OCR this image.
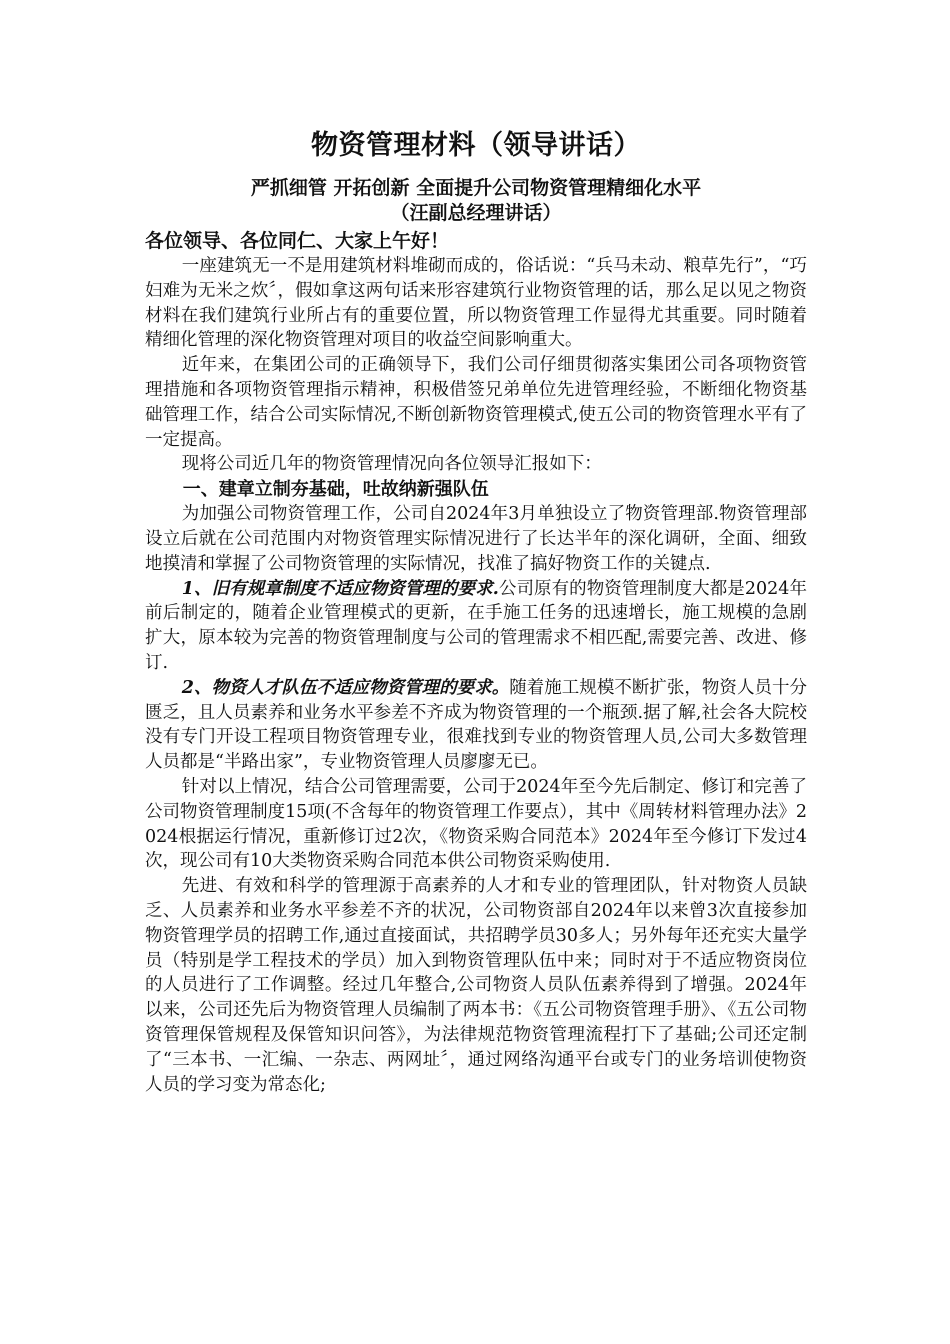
物资管理材料（领导讲话）
严抓细管 开拓创新 全面提升公司物资管理精细化水平
（汪副总经理讲话）
各位领导、各位同仁、大家上午好！

一座建筑无一不是用建筑材料堆砌而成的，俗话说：“兵马未动、粮草先行”，“巧妇难为无米之炊〞，假如拿这两句话来形容建筑行业物资管理的话，那么足以见之物资材料在我们建筑行业所占有的重要位置，所以物资管理工作显得尤其重要。同时随着精细化管理的深化物资管理对项目的收益空间影响重大。

近年来，在集团公司的正确领导下，我们公司仔细贯彻落实集团公司各项物资管理措施和各项物资管理指示精神，积极借签兄弟单位先进管理经验，不断细化物资基础管理工作，结合公司实际情况,不断创新物资管理模式,使五公司的物资管理水平有了一定提高。

现将公司近几年的物资管理情况向各位领导汇报如下：

一、建章立制夯基础，吐故纳新强队伍

为加强公司物资管理工作，公司自2024年3月单独设立了物资管理部.物资管理部设立后就在公司范围内对物资管理实际情况进行了长达半年的深化调研，全面、细致地摸清和掌握了公司物资管理的实际情况，找准了搞好物资工作的关键点.

1、旧有规章制度不适应物资管理的要求.公司原有的物资管理制度大都是2024年前后制定的，随着企业管理模式的更新，在手施工任务的迅速增长，施工规模的急剧扩大，原本较为完善的物资管理制度与公司的管理需求不相匹配,需要完善、改进、修订.

2、物资人才队伍不适应物资管理的要求。随着施工规模不断扩张，物资人员十分匮乏，且人员素养和业务水平参差不齐成为物资管理的一个瓶颈.据了解,社会各大院校没有专门开设工程项目物资管理专业，很难找到专业的物资管理人员,公司大多数管理人员都是“半路出家”，专业物资管理人员廖廖无已。

针对以上情况，结合公司管理需要，公司于2024年至今先后制定、修订和完善了公司物资管理制度15项(不含每年的物资管理工作要点），其中《周转材料管理办法》2024根据运行情况，重新修订过2次，《物资采购合同范本》2024年至今修订下发过4次，现公司有10大类物资采购合同范本供公司物资采购使用.

先进、有效和科学的管理源于高素养的人才和专业的管理团队，针对物资人员缺乏、人员素养和业务水平参差不齐的状况，公司物资部自2024年以来曾3次直接参加物资管理学员的招聘工作,通过直接面试，共招聘学员30多人；另外每年还充实大量学员（特别是学工程技术的学员）加入到物资管理队伍中来；同时对于不适应物资岗位的人员进行了工作调整。经过几年整合,公司物资人员队伍素养得到了增强。2024年以来，公司还先后为物资管理人员编制了两本书：《五公司物资管理手册》、《五公司物资管理保管规程及保管知识问答》，为法律规范物资管理流程打下了基础;公司还定制了“三本书、一汇编、一杂志、两网址〞，通过网络沟通平台或专门的业务培训使物资人员的学习变为常态化;
